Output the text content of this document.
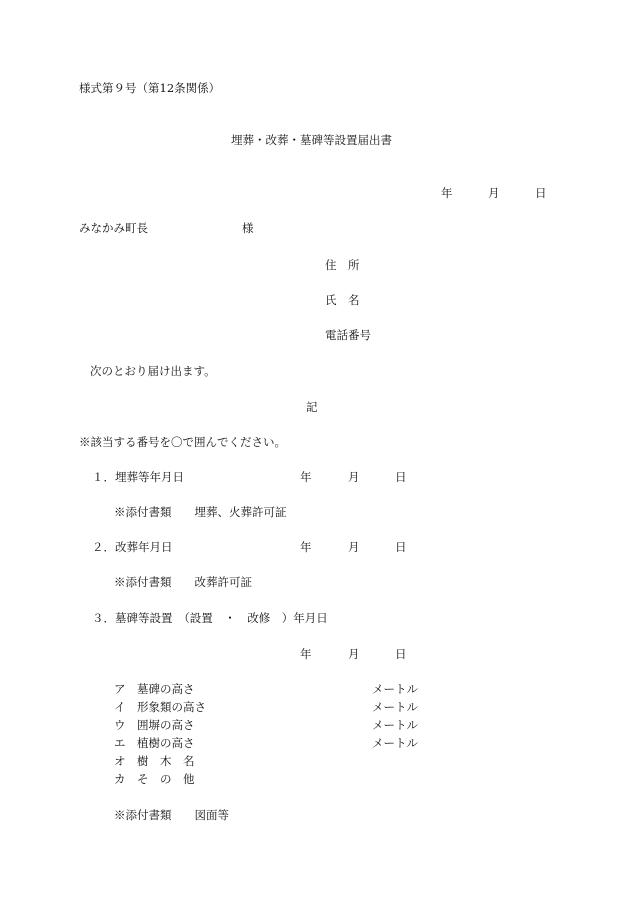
様式第９号（第12条関係）
埋葬・改葬・墓碑等設置届出書
年	月	日
みなかみ町長	様
住　所
氏　名
電話番号
次のとおり届け出ます。
記
※該当する番号を〇で囲んでください。
１．埋葬等年月日	年	月	日
※添付書類　　埋葬、火葬許可証
２．改葬年月日	年	月	日
※添付書類　　改葬許可証
３．墓碑等設置　（設置　・　改修　）年月日
年	月	日
ア　墓碑の高さ	メートル
イ　形象類の高さ	メートル
ウ　囲塀の高さ	メートル
エ　植樹の高さ	メートル
オ　樹　木　名
カ　そ　の　他
※添付書類　　図面等
